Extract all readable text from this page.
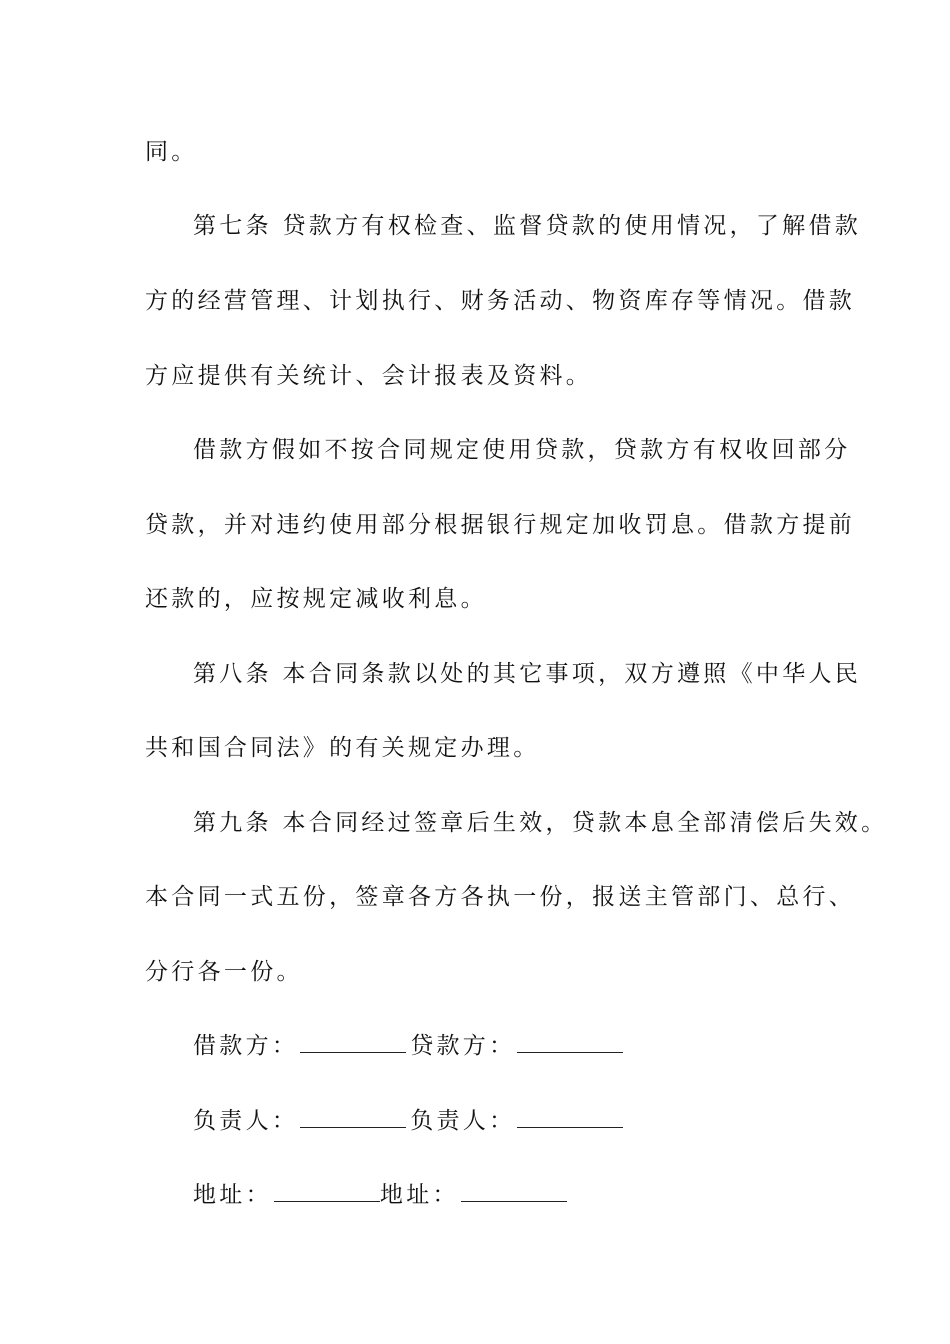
同。
第七条 贷款方有权检查、监督贷款的使用情况，了解借款
方的经营管理、计划执行、财务活动、物资库存等情况。借款
方应提供有关统计、会计报表及资料。
借款方假如不按合同规定使用贷款，贷款方有权收回部分
贷款，并对违约使用部分根据银行规定加收罚息。借款方提前
还款的，应按规定减收利息。
第八条 本合同条款以处的其它事项，双方遵照《中华人民
共和国合同法》的有关规定办理。
第九条 本合同经过签章后生效，贷款本息全部清偿后失效。
本合同一式五份，签章各方各执一份，报送主管部门、总行、
分行各一份。
借款方：	贷款方：
负责人：	负责人：
地址：	地址：
